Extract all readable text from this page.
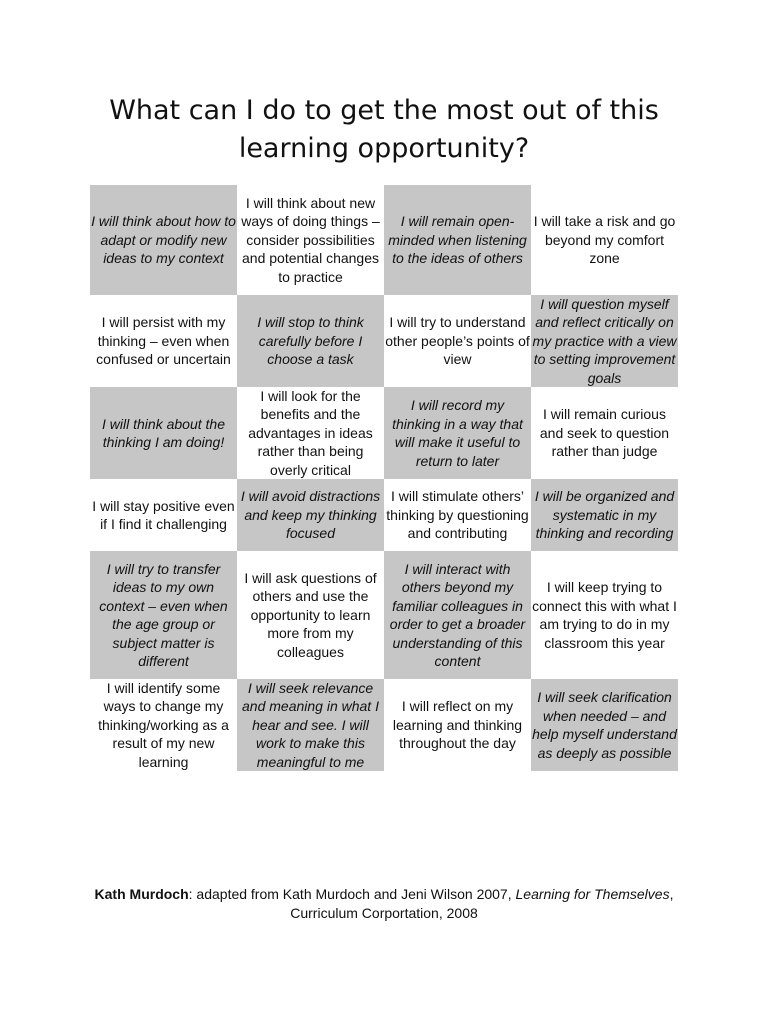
What can I do to get the most out of this learning opportunity?
I will think about how to adapt or modify new ideas to my context
I will think about new ways of doing things – consider possibilities and potential changes to practice
I will remain open-minded when listening to the ideas of others
I will take a risk and go beyond my comfort zone
I will persist with my thinking – even when confused or uncertain
I will stop to think carefully before I choose a task
I will try to understand other people’s points of view
I will question myself and reflect critically on my practice with a view to setting improvement goals
I will think about the thinking I am doing!
I will look for the benefits and the advantages in ideas rather than being overly critical
I will record my thinking in a way that will make it useful to return to later
I will remain curious and seek to question rather than judge
I will stay positive even if I find it challenging
I will avoid distractions and keep my thinking focused
I will stimulate others’ thinking by questioning and contributing
I will be organized and systematic in my thinking and recording
I will try to transfer ideas to my own context – even when the age group or subject matter is different
I will ask questions of others and use the opportunity to learn more from my colleagues
I will interact with others beyond my familiar colleagues in order to get a broader understanding of this content
I will keep trying to connect this with what I am trying to do in my classroom this year
I will identify some ways to change my thinking/working as a result of my new learning
I will seek relevance and meaning in what I hear and see. I will work to make this meaningful to me
I will reflect on my learning and thinking throughout the day
I will seek clarification when needed – and help myself understand as deeply as possible

Kath Murdoch: adapted from Kath Murdoch and Jeni Wilson 2007, Learning for Themselves, Curriculum Corportation, 2008
